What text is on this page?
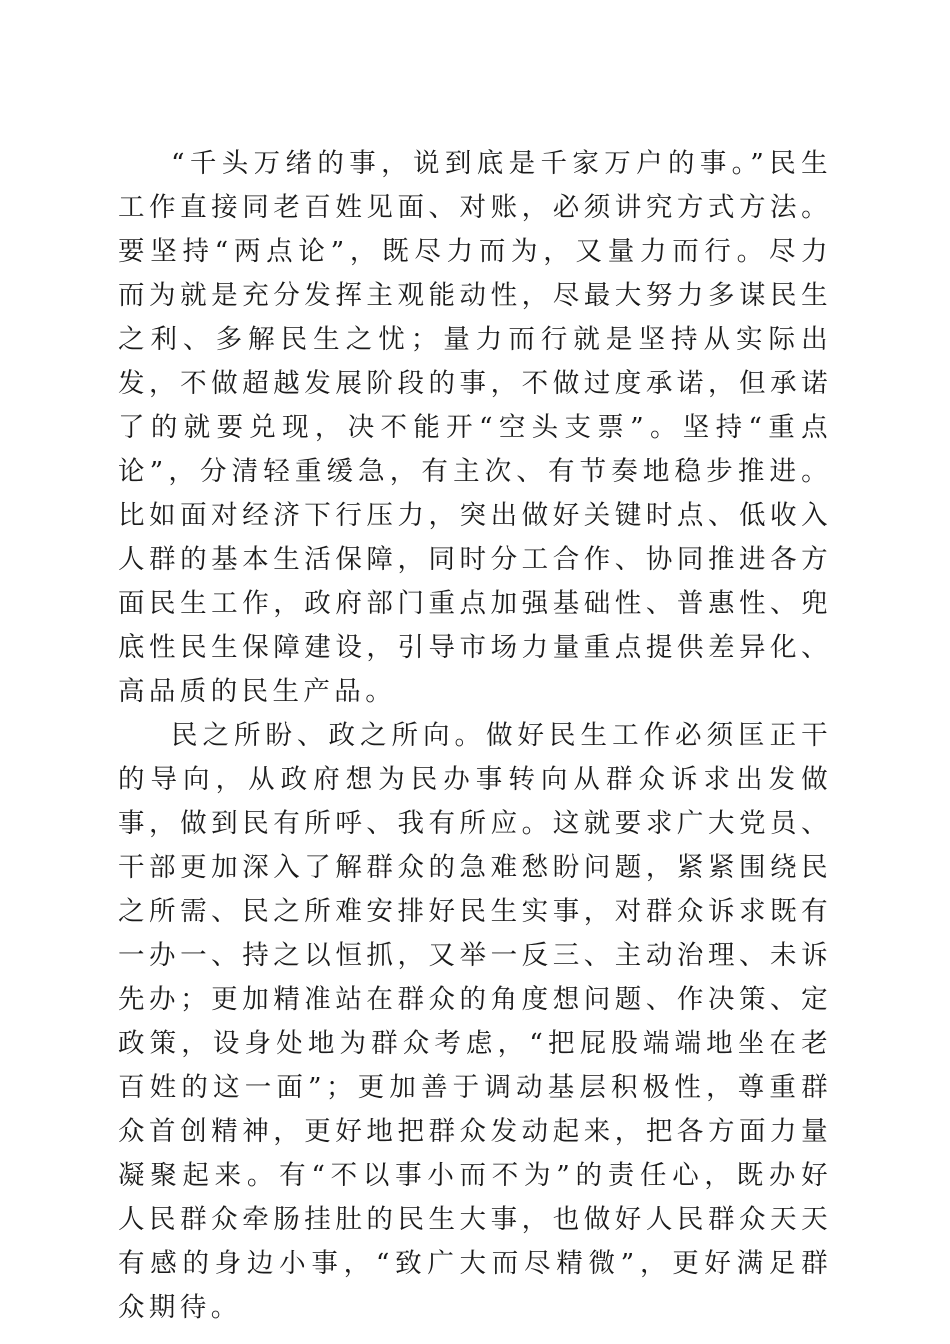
“千头万绪的事，说到底是千家万户的事。”民生工作直接同老百姓见面、对账，必须讲究方式方法。要坚持“两点论”，既尽力而为，又量力而行。尽力而为就是充分发挥主观能动性，尽最大努力多谋民生之利、多解民生之忧；量力而行就是坚持从实际出发，不做超越发展阶段的事，不做过度承诺，但承诺了的就要兑现，决不能开“空头支票”。坚持“重点论”，分清轻重缓急，有主次、有节奏地稳步推进。比如面对经济下行压力，突出做好关键时点、低收入人群的基本生活保障，同时分工合作、协同推进各方面民生工作，政府部门重点加强基础性、普惠性、兜底性民生保障建设，引导市场力量重点提供差异化、高品质的民生产品。

民之所盼、政之所向。做好民生工作必须匡正干的导向，从政府想为民办事转向从群众诉求出发做事，做到民有所呼、我有所应。这就要求广大党员、干部更加深入了解群众的急难愁盼问题，紧紧围绕民之所需、民之所难安排好民生实事，对群众诉求既有一办一、持之以恒抓，又举一反三、主动治理、未诉先办；更加精准站在群众的角度想问题、作决策、定政策，设身处地为群众考虑，“把屁股端端地坐在老百姓的这一面”；更加善于调动基层积极性，尊重群众首创精神，更好地把群众发动起来，把各方面力量凝聚起来。有“不以事小而不为”的责任心，既办好人民群众牵肠挂肚的民生大事，也做好人民群众天天有感的身边小事，“致广大而尽精微”，更好满足群众期待。
